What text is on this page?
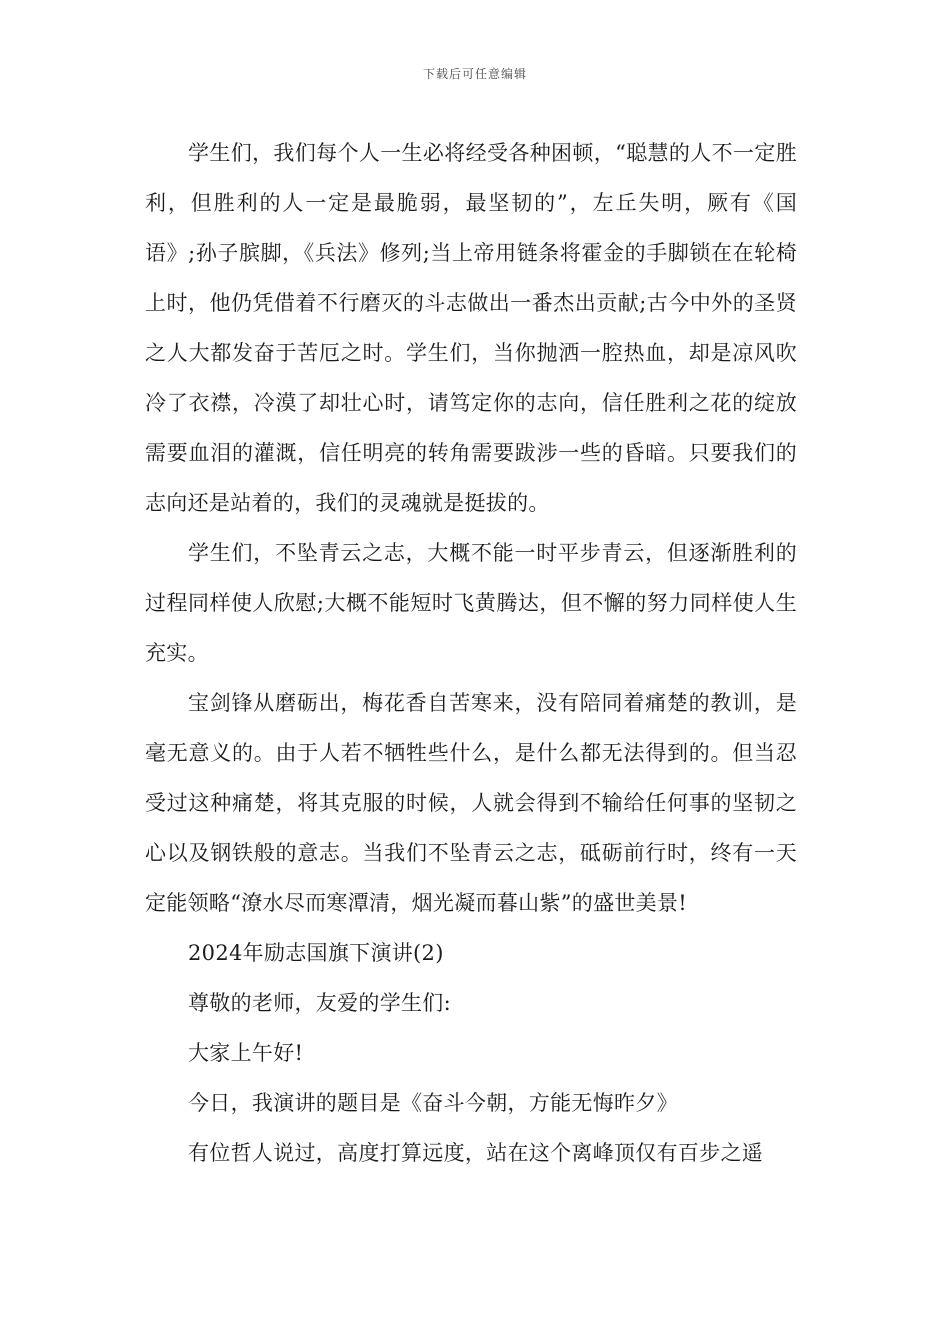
下载后可任意编辑

学生们，我们每个人一生必将经受各种困顿，“聪慧的人不一定胜利，但胜利的人一定是最脆弱，最坚韧的”，左丘失明，厥有《国语》;孙子膑脚，《兵法》修列;当上帝用链条将霍金的手脚锁在在轮椅上时，他仍凭借着不行磨灭的斗志做出一番杰出贡献;古今中外的圣贤之人大都发奋于苦厄之时。学生们，当你抛洒一腔热血，却是凉风吹冷了衣襟，冷漠了却壮心时，请笃定你的志向，信任胜利之花的绽放需要血泪的灌溉，信任明亮的转角需要跋涉一些的昏暗。只要我们的志向还是站着的，我们的灵魂就是挺拔的。

学生们，不坠青云之志，大概不能一时平步青云，但逐渐胜利的过程同样使人欣慰;大概不能短时飞黄腾达，但不懈的努力同样使人生充实。

宝剑锋从磨砺出，梅花香自苦寒来，没有陪同着痛楚的教训，是毫无意义的。由于人若不牺牲些什么，是什么都无法得到的。但当忍受过这种痛楚，将其克服的时候，人就会得到不输给任何事的坚韧之心以及钢铁般的意志。当我们不坠青云之志，砥砺前行时，终有一天定能领略“潦水尽而寒潭清，烟光凝而暮山紫”的盛世美景!

2024年励志国旗下演讲(2)

尊敬的老师，友爱的学生们:

大家上午好!

今日，我演讲的题目是《奋斗今朝，方能无悔昨夕》

有位哲人说过，高度打算远度，站在这个离峰顶仅有百步之遥
